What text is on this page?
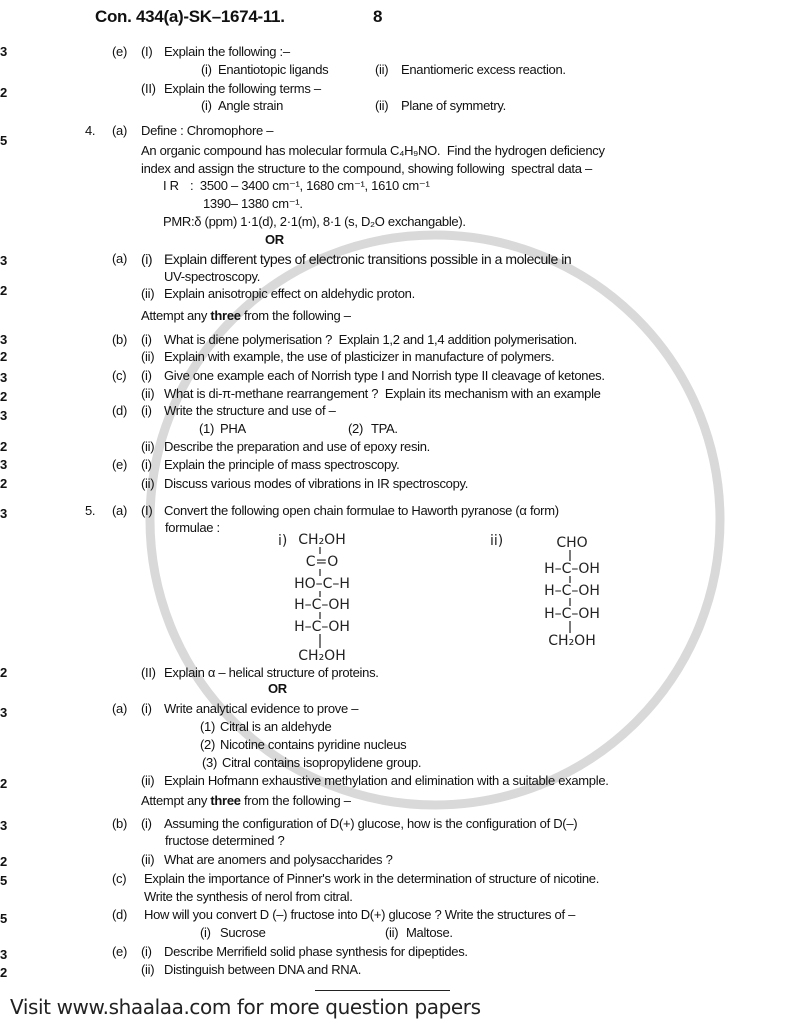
Con. 434(a)-SK–1674-11.	8
(e) (I) Explain the following :–
3
(i) Enantiotopic ligands	(ii) Enantiomeric excess reaction.
(II) Explain the following terms –
2
(i) Angle strain	(ii) Plane of symmetry.
4. (a) Define : Chromophore –
5
An organic compound has molecular formula C₄H₉NO.  Find the hydrogen deficiency
index and assign the structure to the compound, showing following  spectral data –
I R :  3500 – 3400 cm⁻¹, 1680 cm⁻¹, 1610 cm⁻¹
1390– 1380 cm⁻¹.
PMR:δ (ppm) 1·1(d), 2·1(m), 8·1 (s, D₂O exchangable).
OR
(a) (i) Explain different types of electronic transitions possible in a molecule in
3
UV-spectroscopy.
(ii) Explain anisotropic effect on aldehydic proton.
2
Attempt any three from the following –
(b) (i) What is diene polymerisation ?  Explain 1,2 and 1,4 addition polymerisation.
3
(ii) Explain with example, the use of plasticizer in manufacture of polymers.
2
(c) (i) Give one example each of Norrish type I and Norrish type II cleavage of ketones.
3
(ii) What is di-π-methane rearrangement ?  Explain its mechanism with an example
2
(d) (i) Write the structure and use of –
3
(1) PHA	(2) TPA.
(ii) Describe the preparation and use of epoxy resin.
2
(e) (i) Explain the principle of mass spectroscopy.
3
(ii) Discuss various modes of vibrations in IR spectroscopy.
2
5. (a) (I) Convert the following open chain formulae to Haworth pyranose (α form)
3
formulae :
(II) Explain α – helical structure of proteins.
2
OR
(a) (i) Write analytical evidence to prove –
3
(1) Citral is an aldehyde
(2) Nicotine contains pyridine nucleus
(3) Citral contains isopropylidene group.
(ii) Explain Hofmann exhaustive methylation and elimination with a suitable example.
2
Attempt any three from the following –
(b) (i) Assuming the configuration of D(+) glucose, how is the configuration of D(–)
3
fructose determined ?
(ii) What are anomers and polysaccharides ?
2
(c) Explain the importance of Pinner's work in the determination of structure of nicotine.
5
Write the synthesis of nerol from citral.
(d) How will you convert D (–) fructose into D(+) glucose ? Write the structures of –
5
(i) Sucrose	(ii) Maltose.
(e) (i) Describe Merrifield solid phase synthesis for dipeptides.
3
(ii) Distinguish between DNA and RNA.
2
i) CH₂OH
C=O
HO–C–H
H–C–OH
H–C–OH
CH₂OH
ii)	CHO
H–C–OH
H–C–OH
H–C–OH
CH₂OH
Visit www.shaalaa.com for more question papers
